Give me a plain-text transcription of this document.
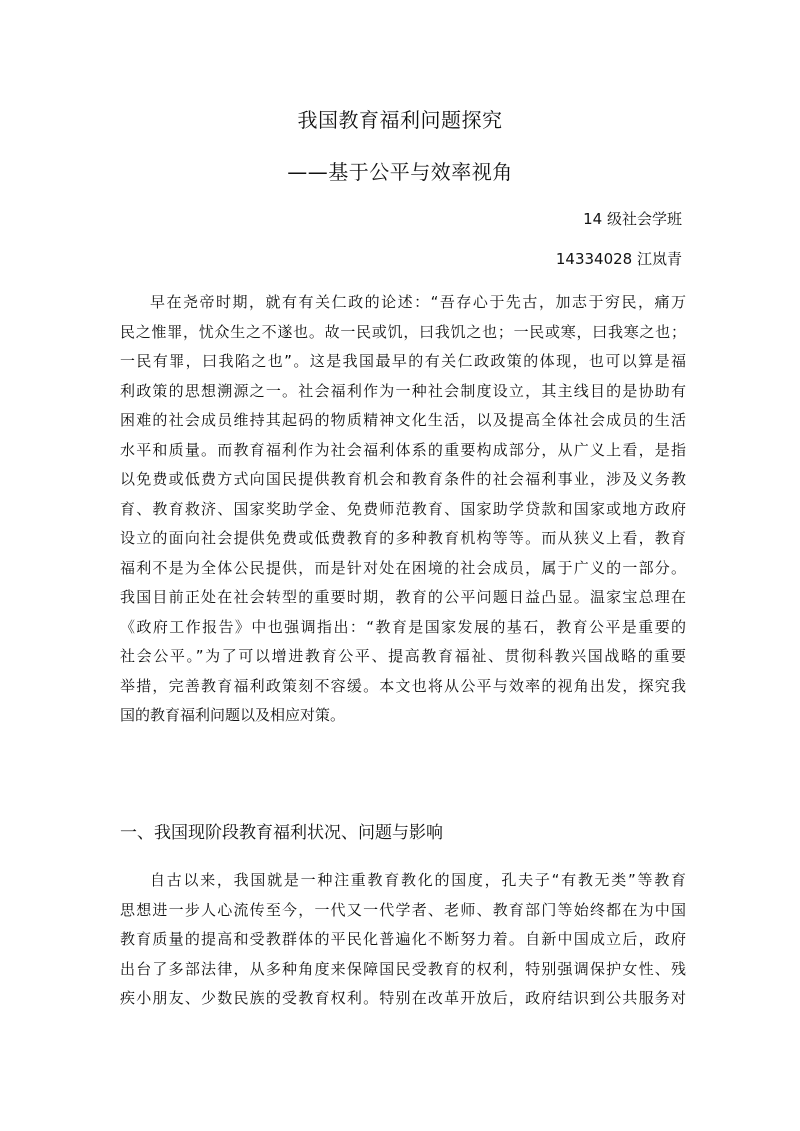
我国教育福利问题探究
——基于公平与效率视角
14 级社会学班
14334028 江岚青
早在尧帝时期，就有有关仁政的论述：“吾存心于先古，加志于穷民，痛万
民之惟罪，忧众生之不遂也。故一民或饥，曰我饥之也；一民或寒，曰我寒之也；
一民有罪，曰我陷之也”。这是我国最早的有关仁政政策的体现，也可以算是福
利政策的思想溯源之一。社会福利作为一种社会制度设立，其主线目的是协助有
困难的社会成员维持其起码的物质精神文化生活，以及提高全体社会成员的生活
水平和质量。而教育福利作为社会福利体系的重要构成部分，从广义上看，是指
以免费或低费方式向国民提供教育机会和教育条件的社会福利事业，涉及义务教
育、教育救济、国家奖助学金、免费师范教育、国家助学贷款和国家或地方政府
设立的面向社会提供免费或低费教育的多种教育机构等等。而从狭义上看，教育
福利不是为全体公民提供，而是针对处在困境的社会成员，属于广义的一部分。
我国目前正处在社会转型的重要时期，教育的公平问题日益凸显。温家宝总理在
《政府工作报告》中也强调指出：“教育是国家发展的基石，教育公平是重要的
社会公平。”为了可以增进教育公平、提高教育福祉、贯彻科教兴国战略的重要
举措，完善教育福利政策刻不容缓。本文也将从公平与效率的视角出发，探究我
国的教育福利问题以及相应对策。
一、我国现阶段教育福利状况、问题与影响
自古以来，我国就是一种注重教育教化的国度，孔夫子“有教无类”等教育
思想进一步人心流传至今，一代又一代学者、老师、教育部门等始终都在为中国
教育质量的提高和受教群体的平民化普遍化不断努力着。自新中国成立后，政府
出台了多部法律，从多种角度来保障国民受教育的权利，特别强调保护女性、残
疾小朋友、少数民族的受教育权利。特别在改革开放后，政府结识到公共服务对
